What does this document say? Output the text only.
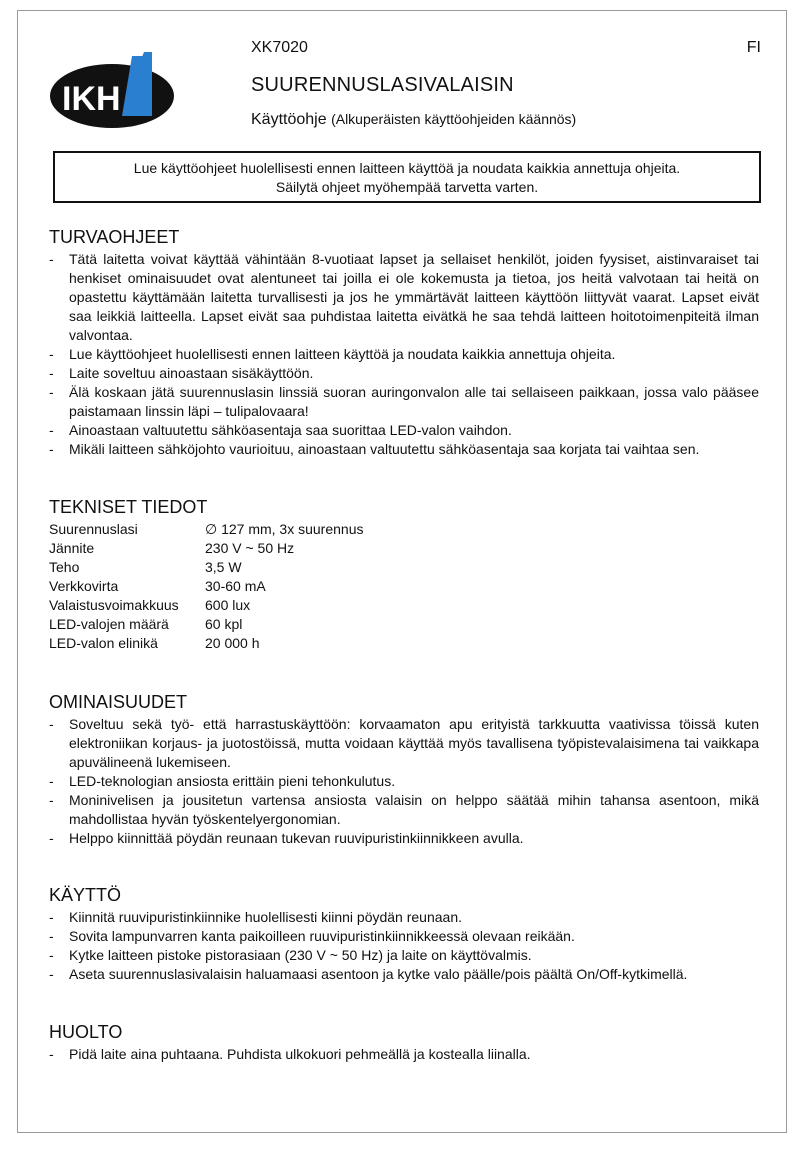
IKH
XK7020	FI
SUURENNUSLASIVALAISIN
Käyttöohje (Alkuperäisten käyttöohjeiden käännös)
Lue käyttöohjeet huolellisesti ennen laitteen käyttöä ja noudata kaikkia annettuja ohjeita.
Säilytä ohjeet myöhempää tarvetta varten.
TURVAOHJEET
- Tätä laitetta voivat käyttää vähintään 8-vuotiaat lapset ja sellaiset henkilöt, joiden fyysiset, aistinvaraiset tai henkiset ominaisuudet ovat alentuneet tai joilla ei ole kokemusta ja tietoa, jos heitä valvotaan tai heitä on opastettu käyttämään laitetta turvallisesti ja jos he ymmärtävät laitteen käyttöön liittyvät vaarat. Lapset eivät saa leikkiä laitteella. Lapset eivät saa puhdistaa laitetta eivätkä he saa tehdä laitteen hoitotoimenpiteitä ilman valvontaa.
- Lue käyttöohjeet huolellisesti ennen laitteen käyttöä ja noudata kaikkia annettuja ohjeita.
- Laite soveltuu ainoastaan sisäkäyttöön.
- Älä koskaan jätä suurennuslasin linssiä suoran auringonvalon alle tai sellaiseen paikkaan, jossa valo pääsee paistamaan linssin läpi – tulipalovaara!
- Ainoastaan valtuutettu sähköasentaja saa suorittaa LED-valon vaihdon.
- Mikäli laitteen sähköjohto vaurioituu, ainoastaan valtuutettu sähköasentaja saa korjata tai vaihtaa sen.
TEKNISET TIEDOT
Suurennuslasi	∅ 127 mm, 3x suurennus
Jännite	230 V ~ 50 Hz
Teho	3,5 W
Verkkovirta	30-60 mA
Valaistusvoimakkuus	600 lux
LED-valojen määrä	60 kpl
LED-valon elinikä	20 000 h
OMINAISUUDET
- Soveltuu sekä työ- että harrastuskäyttöön: korvaamaton apu erityistä tarkkuutta vaativissa töissä kuten elektroniikan korjaus- ja juotostöissä, mutta voidaan käyttää myös tavallisena työpistevalaisimena tai vaikkapa apuvälineenä lukemiseen.
- LED-teknologian ansiosta erittäin pieni tehonkulutus.
- Moninivelisen ja jousitetun vartensa ansiosta valaisin on helppo säätää mihin tahansa asentoon, mikä mahdollistaa hyvän työskentelyergonomian.
- Helppo kiinnittää pöydän reunaan tukevan ruuvipuristinkiinnikkeen avulla.
KÄYTTÖ
- Kiinnitä ruuvipuristinkiinnike huolellisesti kiinni pöydän reunaan.
- Sovita lampunvarren kanta paikoilleen ruuvipuristinkiinnikkeessä olevaan reikään.
- Kytke laitteen pistoke pistorasiaan (230 V ~ 50 Hz) ja laite on käyttövalmis.
- Aseta suurennuslasivalaisin haluamaasi asentoon ja kytke valo päälle/pois päältä On/Off-kytkimellä.
HUOLTO
- Pidä laite aina puhtaana. Puhdista ulkokuori pehmeällä ja kostealla liinalla.
